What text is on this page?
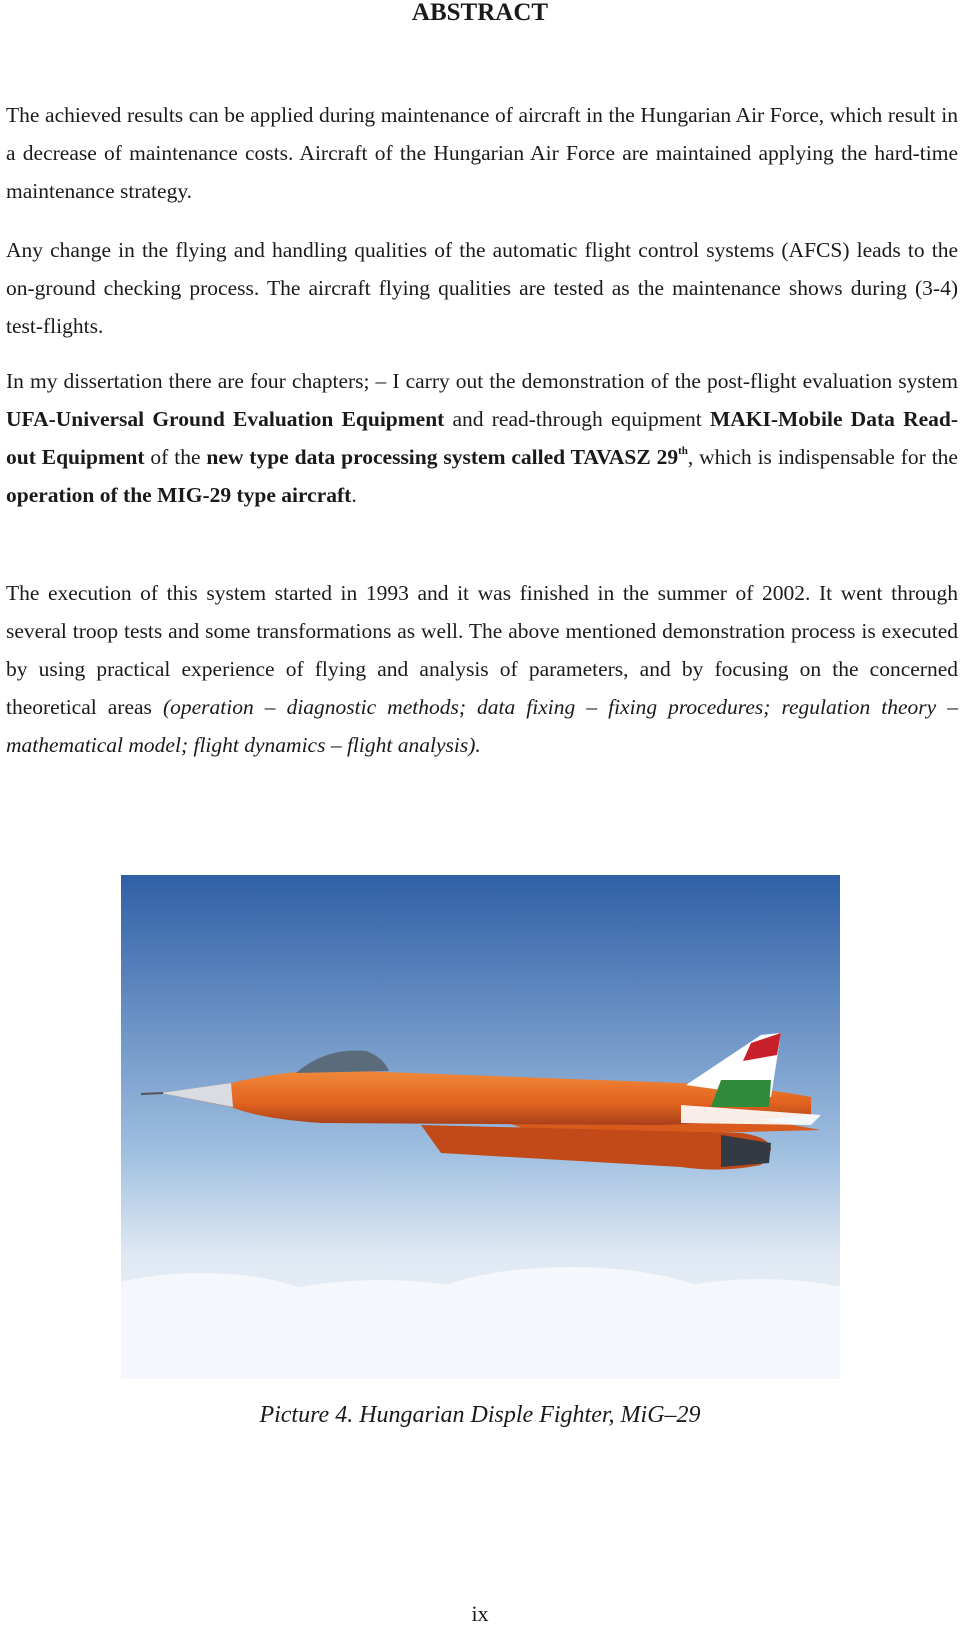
ABSTRACT
The achieved results can be applied during maintenance of aircraft in the Hungarian Air Force, which result in a decrease of maintenance costs. Aircraft of the Hungarian Air Force are maintained applying the hard-time maintenance strategy.
Any change in the flying and handling qualities of the automatic flight control systems (AFCS) leads to the on-ground checking process. The aircraft flying qualities are tested as the maintenance shows during (3-4) test-flights.
In my dissertation there are four chapters; – I carry out the demonstration of the post-flight evaluation system UFA-Universal Ground Evaluation Equipment and read-through equipment MAKI-Mobile Data Read-out Equipment of the new type data processing system called TAVASZ 29th, which is indispensable for the operation of the MIG-29 type aircraft.
The execution of this system started in 1993 and it was finished in the summer of 2002. It went through several troop tests and some transformations as well. The above mentioned demonstration process is executed by using practical experience of flying and analysis of parameters, and by focusing on the concerned theoretical areas (operation – diagnostic methods; data fixing – fixing procedures; regulation theory – mathematical model; flight dynamics – flight analysis).
Picture 4. Hungarian Disple Fighter, MiG–29
ix
